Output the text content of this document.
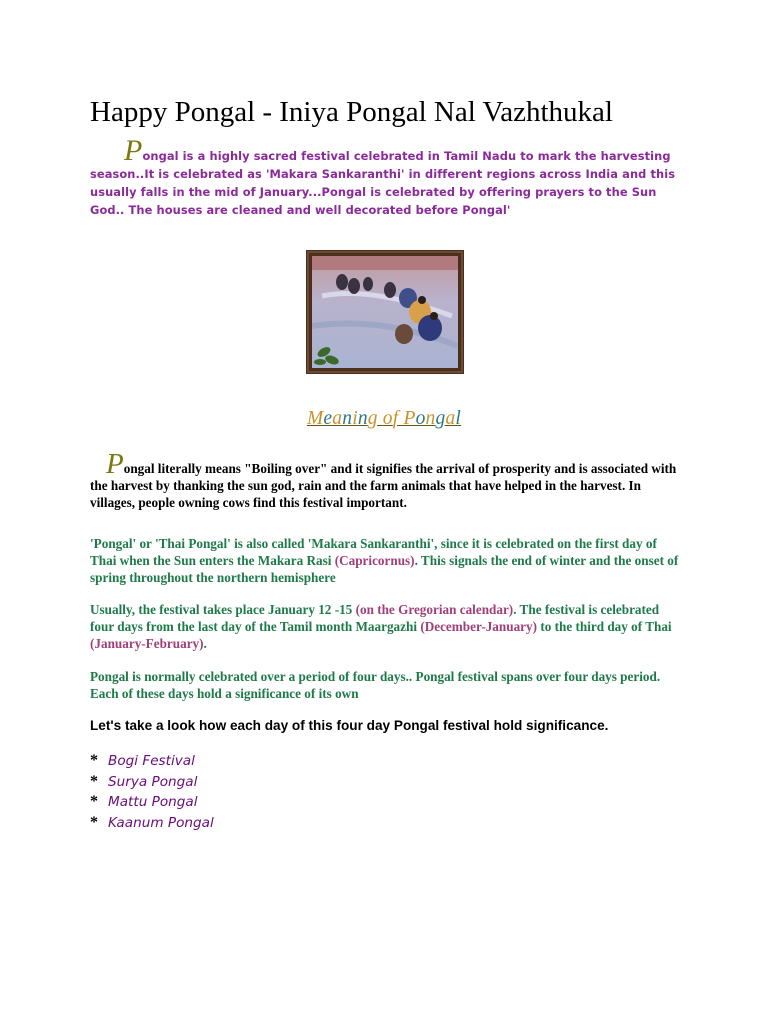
Happy Pongal - Iniya Pongal Nal Vazhthukal

Pongal is a highly sacred festival celebrated in Tamil Nadu to mark the harvesting season..It is celebrated as 'Makara Sankaranthi' in different regions across India and this usually falls in the mid of January...Pongal is celebrated by offering prayers to the Sun God.. The houses are cleaned and well decorated before Pongal'

Meaning of Pongal

Pongal literally means "Boiling over" and it signifies the arrival of prosperity and is associated with the harvest by thanking the sun god, rain and the farm animals that have helped in the harvest. In villages, people owning cows find this festival important.

'Pongal' or 'Thai Pongal' is also called 'Makara Sankaranthi', since it is celebrated on the first day of Thai when the Sun enters the Makara Rasi (Capricornus). This signals the end of winter and the onset of spring throughout the northern hemisphere

Usually, the festival takes place January 12 -15 (on the Gregorian calendar). The festival is celebrated four days from the last day of the Tamil month Maargazhi (December-January) to the third day of Thai (January-February).

Pongal is normally celebrated over a period of four days.. Pongal festival spans over four days period. Each of these days hold a significance of its own

Let's take a look how each day of this four day Pongal festival hold significance.

* Bogi Festival
* Surya Pongal
* Mattu Pongal
* Kaanum Pongal
